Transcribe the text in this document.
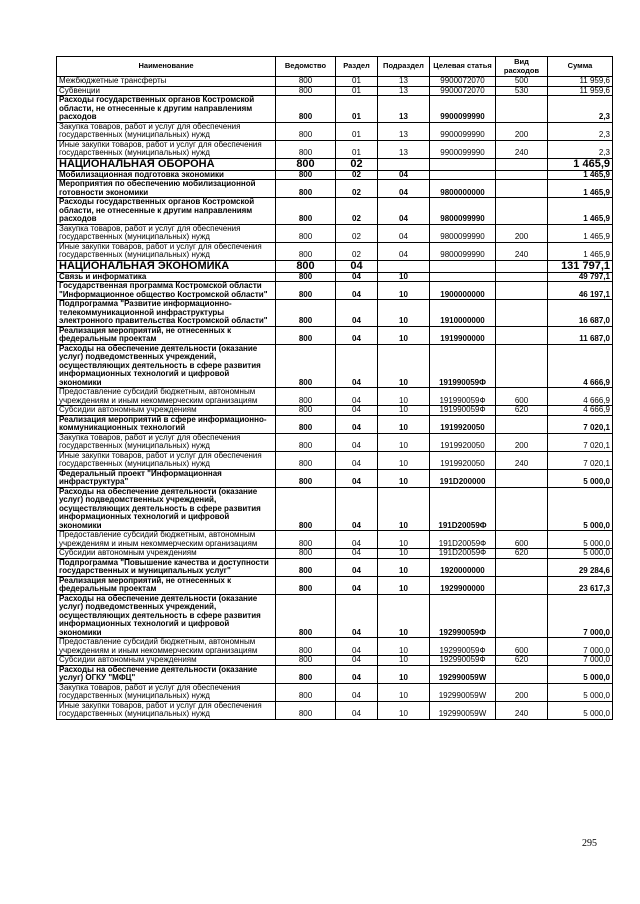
Наименование	Ведомство	Раздел	Подраздел	Целевая статья	Вид расходов	Сумма
Межбюджетные трансферты	800	01	13	9900072070	500	11 959,6
Субвенции	800	01	13	9900072070	530	11 959,6
Расходы государственных органов Костромской области, не отнесенные к другим направлениям расходов	800	01	13	9900099990		2,3
Закупка товаров, работ и услуг для обеспечения государственных (муниципальных) нужд	800	01	13	9900099990	200	2,3
Иные закупки товаров, работ и услуг для обеспечения государственных (муниципальных) нужд	800	01	13	9900099990	240	2,3
НАЦИОНАЛЬНАЯ ОБОРОНА	800	02				1 465,9
Мобилизационная подготовка экономики	800	02	04			1 465,9
Мероприятия по обеспечению мобилизационной готовности экономики	800	02	04	9800000000		1 465,9
Расходы государственных органов Костромской области, не отнесенные к другим направлениям расходов	800	02	04	9800099990		1 465,9
Закупка товаров, работ и услуг для обеспечения государственных (муниципальных) нужд	800	02	04	9800099990	200	1 465,9
Иные закупки товаров, работ и услуг для обеспечения государственных (муниципальных) нужд	800	02	04	9800099990	240	1 465,9
НАЦИОНАЛЬНАЯ ЭКОНОМИКА	800	04				131 797,1
Связь и информатика	800	04	10			49 797,1
Государственная программа Костромской области "Информационное общество Костромской области"	800	04	10	1900000000		46 197,1
Подпрограмма "Развитие информационно-телекоммуникационной инфраструктуры электронного правительства Костромской области"	800	04	10	1910000000		16 687,0
Реализация мероприятий, не отнесенных к федеральным проектам	800	04	10	1919900000		11 687,0
Расходы на обеспечение деятельности (оказание услуг) подведомственных учреждений, осуществляющих деятельность в сфере развития информационных технологий и цифровой экономики	800	04	10	191990059Ф		4 666,9
Предоставление субсидий бюджетным, автономным учреждениям и иным некоммерческим организациям	800	04	10	191990059Ф	600	4 666,9
Субсидии автономным учреждениям	800	04	10	191990059Ф	620	4 666,9
Реализация мероприятий в сфере информационно-коммуникационных технологий	800	04	10	1919920050		7 020,1
Закупка товаров, работ и услуг для обеспечения государственных (муниципальных) нужд	800	04	10	1919920050	200	7 020,1
Иные закупки товаров, работ и услуг для обеспечения государственных (муниципальных) нужд	800	04	10	1919920050	240	7 020,1
Федеральный проект "Информационная инфраструктура"	800	04	10	191D200000		5 000,0
Расходы на обеспечение деятельности (оказание услуг) подведомственных учреждений, осуществляющих деятельность в сфере развития информационных технологий и цифровой экономики	800	04	10	191D20059Ф		5 000,0
Предоставление субсидий бюджетным, автономным учреждениям и иным некоммерческим организациям	800	04	10	191D20059Ф	600	5 000,0
Субсидии автономным учреждениям	800	04	10	191D20059Ф	620	5 000,0
Подпрограмма "Повышение качества и доступности государственных и муниципальных услуг"	800	04	10	1920000000		29 284,6
Реализация мероприятий, не отнесенных к федеральным проектам	800	04	10	1929900000		23 617,3
Расходы на обеспечение деятельности (оказание услуг) подведомственных учреждений, осуществляющих деятельность в сфере развития информационных технологий и цифровой экономики	800	04	10	192990059Ф		7 000,0
Предоставление субсидий бюджетным, автономным учреждениям и иным некоммерческим организациям	800	04	10	192990059Ф	600	7 000,0
Субсидии автономным учреждениям	800	04	10	192990059Ф	620	7 000,0
Расходы на обеспечение деятельности (оказание услуг) ОГКУ "МФЦ"	800	04	10	192990059W		5 000,0
Закупка товаров, работ и услуг для обеспечения государственных (муниципальных) нужд	800	04	10	192990059W	200	5 000,0
Иные закупки товаров, работ и услуг для обеспечения государственных (муниципальных) нужд	800	04	10	192990059W	240	5 000,0
295
